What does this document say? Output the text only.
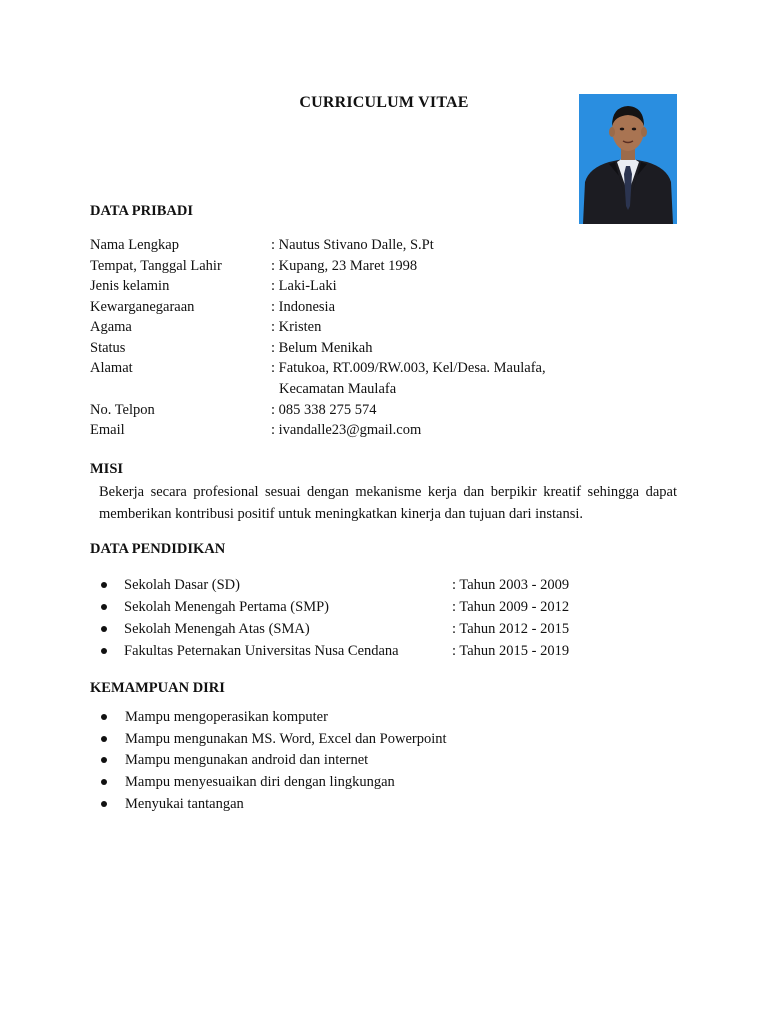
CURRICULUM VITAE
DATA PRIBADI
Nama Lengkap	: Nautus Stivano Dalle, S.Pt
Tempat, Tanggal Lahir	: Kupang, 23 Maret 1998
Jenis kelamin	: Laki-Laki
Kewarganegaraan	: Indonesia
Agama	: Kristen
Status	: Belum Menikah
Alamat	: Fatukoa, RT.009/RW.003, Kel/Desa. Maulafa,
Kecamatan Maulafa
No. Telpon	: 085 338 275 574
Email	: ivandalle23@gmail.com
MISI
Bekerja secara profesional sesuai dengan mekanisme kerja dan berpikir kreatif sehingga dapat memberikan kontribusi positif untuk meningkatkan kinerja dan tujuan dari instansi.
DATA PENDIDIKAN
Sekolah Dasar (SD)	: Tahun 2003 - 2009
Sekolah Menengah Pertama (SMP)	: Tahun 2009 - 2012
Sekolah Menengah Atas (SMA)	: Tahun 2012 - 2015
Fakultas Peternakan Universitas Nusa Cendana	: Tahun 2015 - 2019
KEMAMPUAN DIRI
Mampu mengoperasikan komputer
Mampu mengunakan MS. Word, Excel dan Powerpoint
Mampu mengunakan android dan internet
Mampu menyesuaikan diri dengan lingkungan
Menyukai tantangan
